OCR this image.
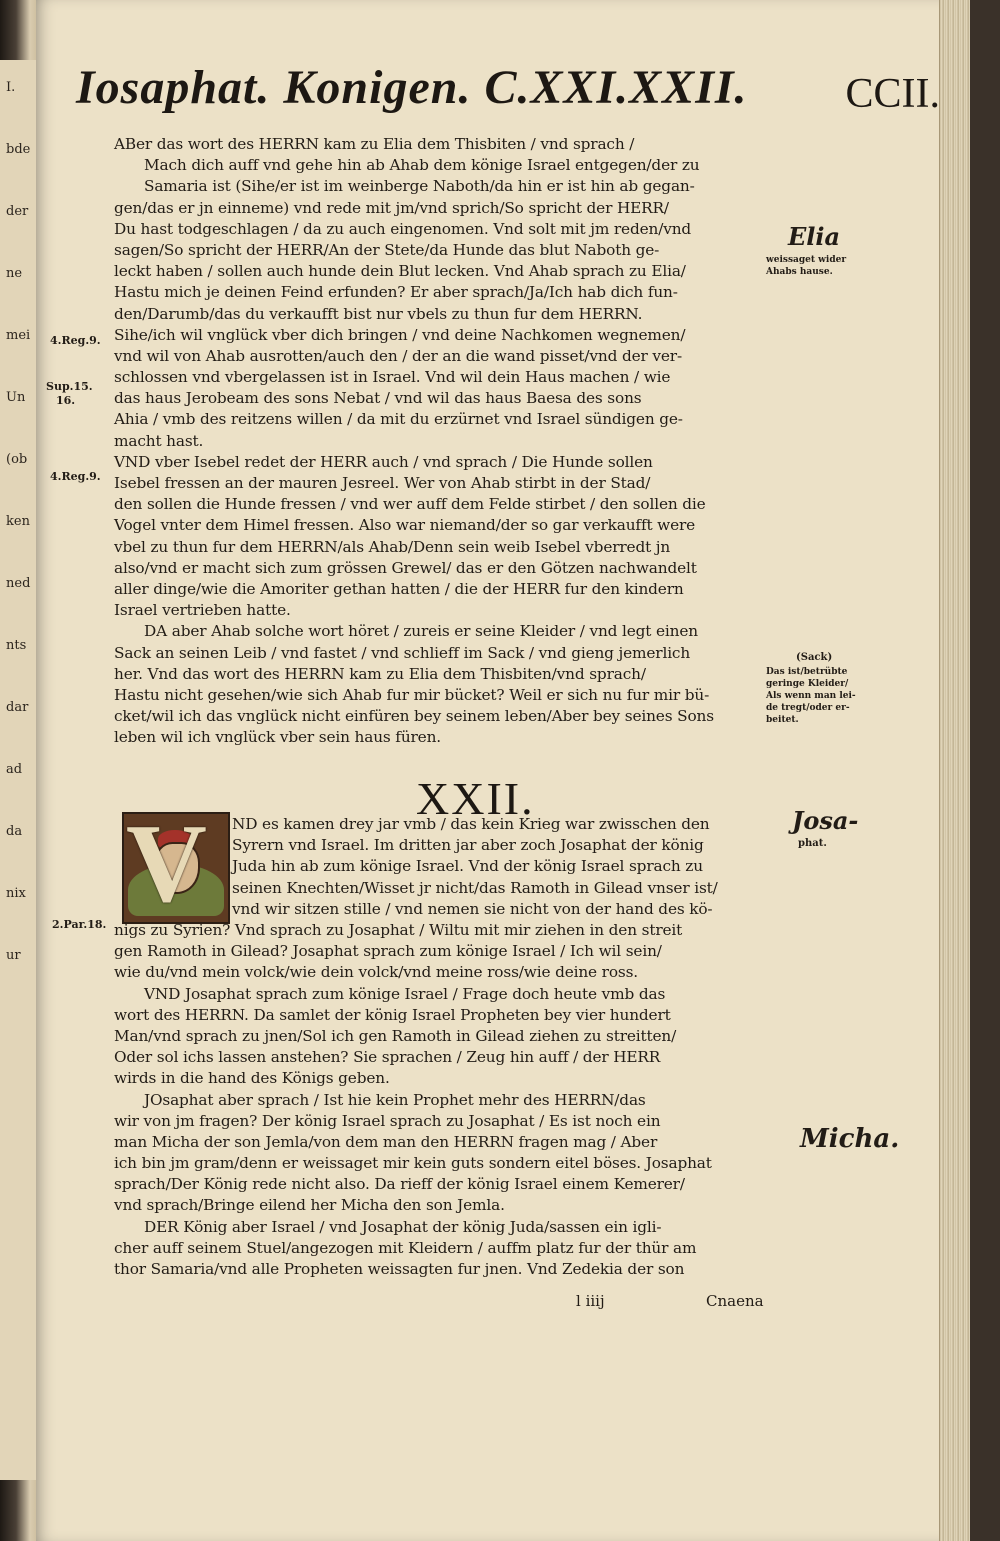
I.
bde
der
ne
mei
Un
(ob
ken
ned
nts
dar
ad
da
nix
ur
Iosaphat. Konigen. C.XXI.XXII. CCII.
ABer das wort des HERRN kam zu Elia dem Thisbiten / vnd sprach /
Mach dich auff vnd gehe hin ab Ahab dem könige Israel entgegen/der zu
Samaria ist (Sihe/er ist im weinberge Naboth/da hin er ist hin ab gegan-
gen/das er jn einneme) vnd rede mit jm/vnd sprich/So spricht der HERR/
Du hast todgeschlagen / da zu auch eingenomen. Vnd solt mit jm reden/vnd
sagen/So spricht der HERR/An der Stete/da Hunde das blut Naboth ge-
leckt haben / sollen auch hunde dein Blut lecken. Vnd Ahab sprach zu Elia/
Hastu mich je deinen Feind erfunden? Er aber sprach/Ja/Ich hab dich fun-
den/Darumb/das du verkaufft bist nur vbels zu thun fur dem HERRN.
Sihe/ich wil vnglück vber dich bringen / vnd deine Nachkomen wegnemen/
vnd wil von Ahab ausrotten/auch den / der an die wand pisset/vnd der ver-
schlossen vnd vbergelassen ist in Israel. Vnd wil dein Haus machen / wie
das haus Jerobeam des sons Nebat / vnd wil das haus Baesa des sons
Ahia / vmb des reitzens willen / da mit du erzürnet vnd Israel sündigen ge-
macht hast.
VND vber Isebel redet der HERR auch / vnd sprach / Die Hunde sollen
Isebel fressen an der mauren Jesreel. Wer von Ahab stirbt in der Stad/
den sollen die Hunde fressen / vnd wer auff dem Felde stirbet / den sollen die
Vogel vnter dem Himel fressen. Also war niemand/der so gar verkaufft were
vbel zu thun fur dem HERRN/als Ahab/Denn sein weib Isebel vberredt jn
also/vnd er macht sich zum grössen Grewel/ das er den Götzen nachwandelt
aller dinge/wie die Amoriter gethan hatten / die der HERR fur den kindern
Israel vertrieben hatte.
DA aber Ahab solche wort höret / zureis er seine Kleider / vnd legt einen
Sack an seinen Leib / vnd fastet / vnd schlieff im Sack / vnd gieng jemerlich
her. Vnd das wort des HERRN kam zu Elia dem Thisbiten/vnd sprach/
Hastu nicht gesehen/wie sich Ahab fur mir bücket? Weil er sich nu fur mir bü-
cket/wil ich das vnglück nicht einfüren bey seinem leben/Aber bey seines Sons
leben wil ich vnglück vber sein haus füren.
XXII.
V ND es kamen drey jar vmb / das kein Krieg war zwisschen den
Syrern vnd Israel. Im dritten jar aber zoch Josaphat der könig
Juda hin ab zum könige Israel. Vnd der könig Israel sprach zu
seinen Knechten/Wisset jr nicht/das Ramoth in Gilead vnser ist/
vnd wir sitzen stille / vnd nemen sie nicht von der hand des kö-
nigs zu Syrien? Vnd sprach zu Josaphat / Wiltu mit mir ziehen in den streit
gen Ramoth in Gilead? Josaphat sprach zum könige Israel / Ich wil sein/
wie du/vnd mein volck/wie dein volck/vnd meine ross/wie deine ross.
VND Josaphat sprach zum könige Israel / Frage doch heute vmb das
wort des HERRN. Da samlet der könig Israel Propheten bey vier hundert
Man/vnd sprach zu jnen/Sol ich gen Ramoth in Gilead ziehen zu streitten/
Oder sol ichs lassen anstehen? Sie sprachen / Zeug hin auff / der HERR
wirds in die hand des Königs geben.
JOsaphat aber sprach / Ist hie kein Prophet mehr des HERRN/das
wir von jm fragen? Der könig Israel sprach zu Josaphat / Es ist noch ein
man Micha der son Jemla/von dem man den HERRN fragen mag / Aber
ich bin jm gram/denn er weissaget mir kein guts sondern eitel böses. Josaphat
sprach/Der König rede nicht also. Da rieff der könig Israel einem Kemerer/
vnd sprach/Bringe eilend her Micha den son Jemla.
DER König aber Israel / vnd Josaphat der könig Juda/sassen ein igli-
cher auff seinem Stuel/angezogen mit Kleidern / auffm platz fur der thür am
thor Samaria/vnd alle Propheten weissagten fur jnen. Vnd Zedekia der son
l iiij	Cnaena
Elia
weissaget wider
Ahabs hause.
(Sack)
Das ist/betrübte
geringe Kleider/
Als wenn man lei-
de tregt/oder er-
beitet.
Josa-
phat.
Micha.
4.Reg.9.
Sup.15.
16.
4.Reg.9.
2.Par.18.
